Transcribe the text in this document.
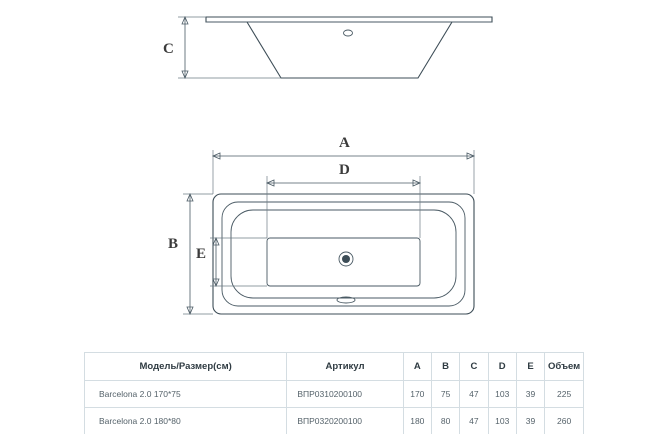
C
A
D
B
E
Модель/Размер(см)	Артикул	A	B	C	D	E	Объем
Barcelona 2.0 170*75	ВПР0310200100	170	75	47	103	39	225
Barcelona 2.0 180*80	ВПР0320200100	180	80	47	103	39	260
